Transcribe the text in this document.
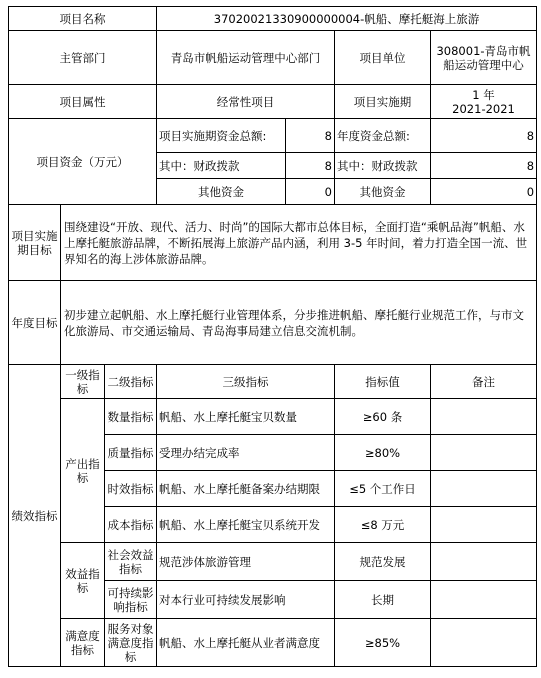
项目名称			37020021330900000004-帆船、摩托艇海上旅游			
主管部门			青岛市帆船运动管理中心部门		项目单位	308001-青岛市帆船运动管理中心
项目属性			经常性项目		项目实施期	1 年
2021-2021

项目资金（万元）			项目实施期资金总额:	8	年度资金总额:	8
			其中：财政拨款	8	其中：财政拨款	8
			其他资金	0	其他资金	0
项目实施期目标	围绕建设“开放、现代、活力、时尚”的国际大都市总体目标，全面打造“乘帆品海”帆船、水上摩托艇旅游品牌，不断拓展海上旅游产品内涵，利用 3-5 年时间，着力打造全国一流、世界知名的海上涉体旅游品牌。					
年度目标	初步建立起帆船、水上摩托艇行业管理体系，分步推进帆船、摩托艇行业规范工作，与市文化旅游局、市交通运输局、青岛海事局建立信息交流机制。					
绩效指标	一级指标	二级指标	三级指标		指标值	备注
	产出指标	数量指标	帆船、水上摩托艇宝贝数量		≥60 条	
		质量指标	受理办结完成率		≥80%	
		时效指标	帆船、水上摩托艇备案办结期限		≤5 个工作日	
		成本指标	帆船、水上摩托艇宝贝系统开发		≤8 万元	
	效益指标	社会效益指标	规范涉体旅游管理		规范发展	
		可持续影响指标	对本行业可持续发展影响		长期	
	满意度指标	服务对象满意度指标	帆船、水上摩托艇从业者满意度		≥85%	
